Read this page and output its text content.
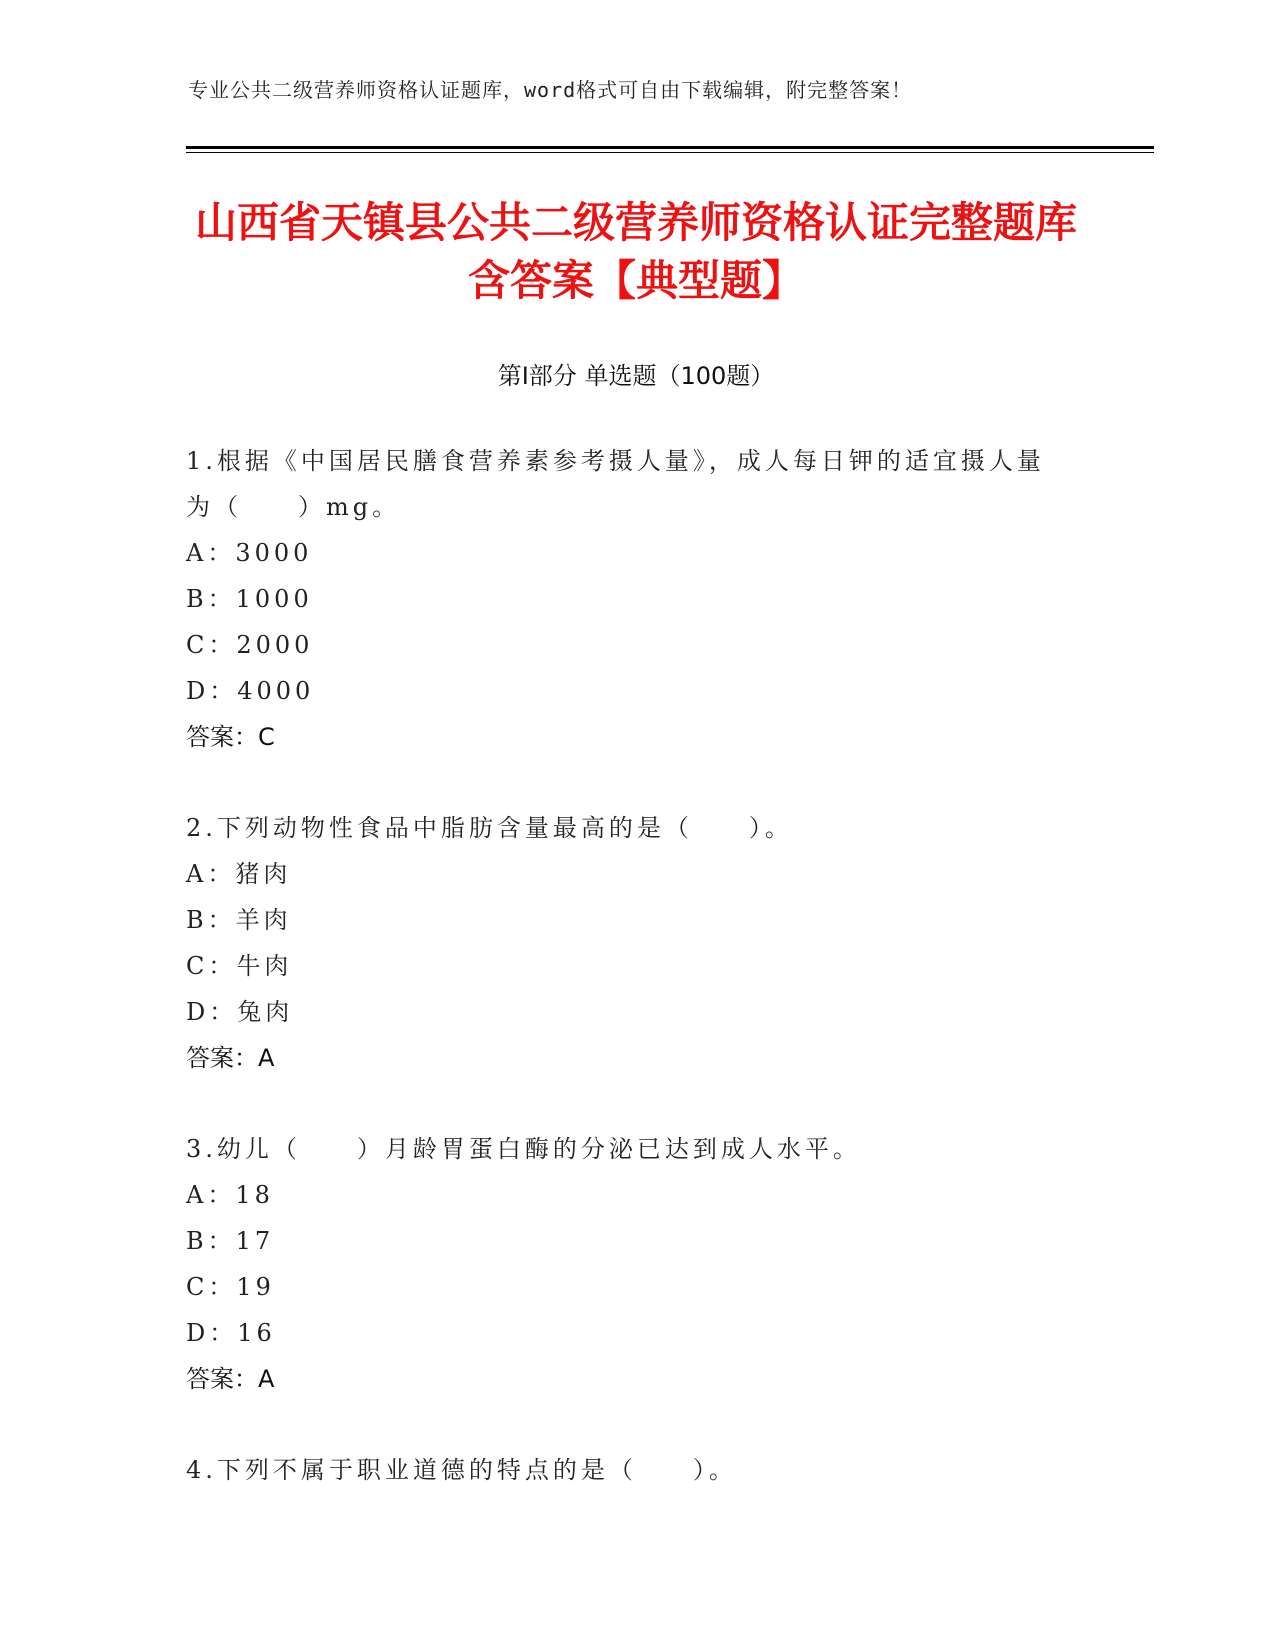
专业公共二级营养师资格认证题库，word格式可自由下载编辑，附完整答案！
山西省天镇县公共二级营养师资格认证完整题库含答案【典型题】
第Ⅰ部分 单选题（100题）
1.根据《中国居民膳食营养素参考摄人量》，成人每日钾的适宜摄人量为（　　）mg。
A：3000
B：1000
C：2000
D：4000
答案：C
2.下列动物性食品中脂肪含量最高的是（　　）。
A：猪肉
B：羊肉
C：牛肉
D：兔肉
答案：A
3.幼儿（　　）月龄胃蛋白酶的分泌已达到成人水平。
A：18
B：17
C：19
D：16
答案：A
4.下列不属于职业道德的特点的是（　　）。
